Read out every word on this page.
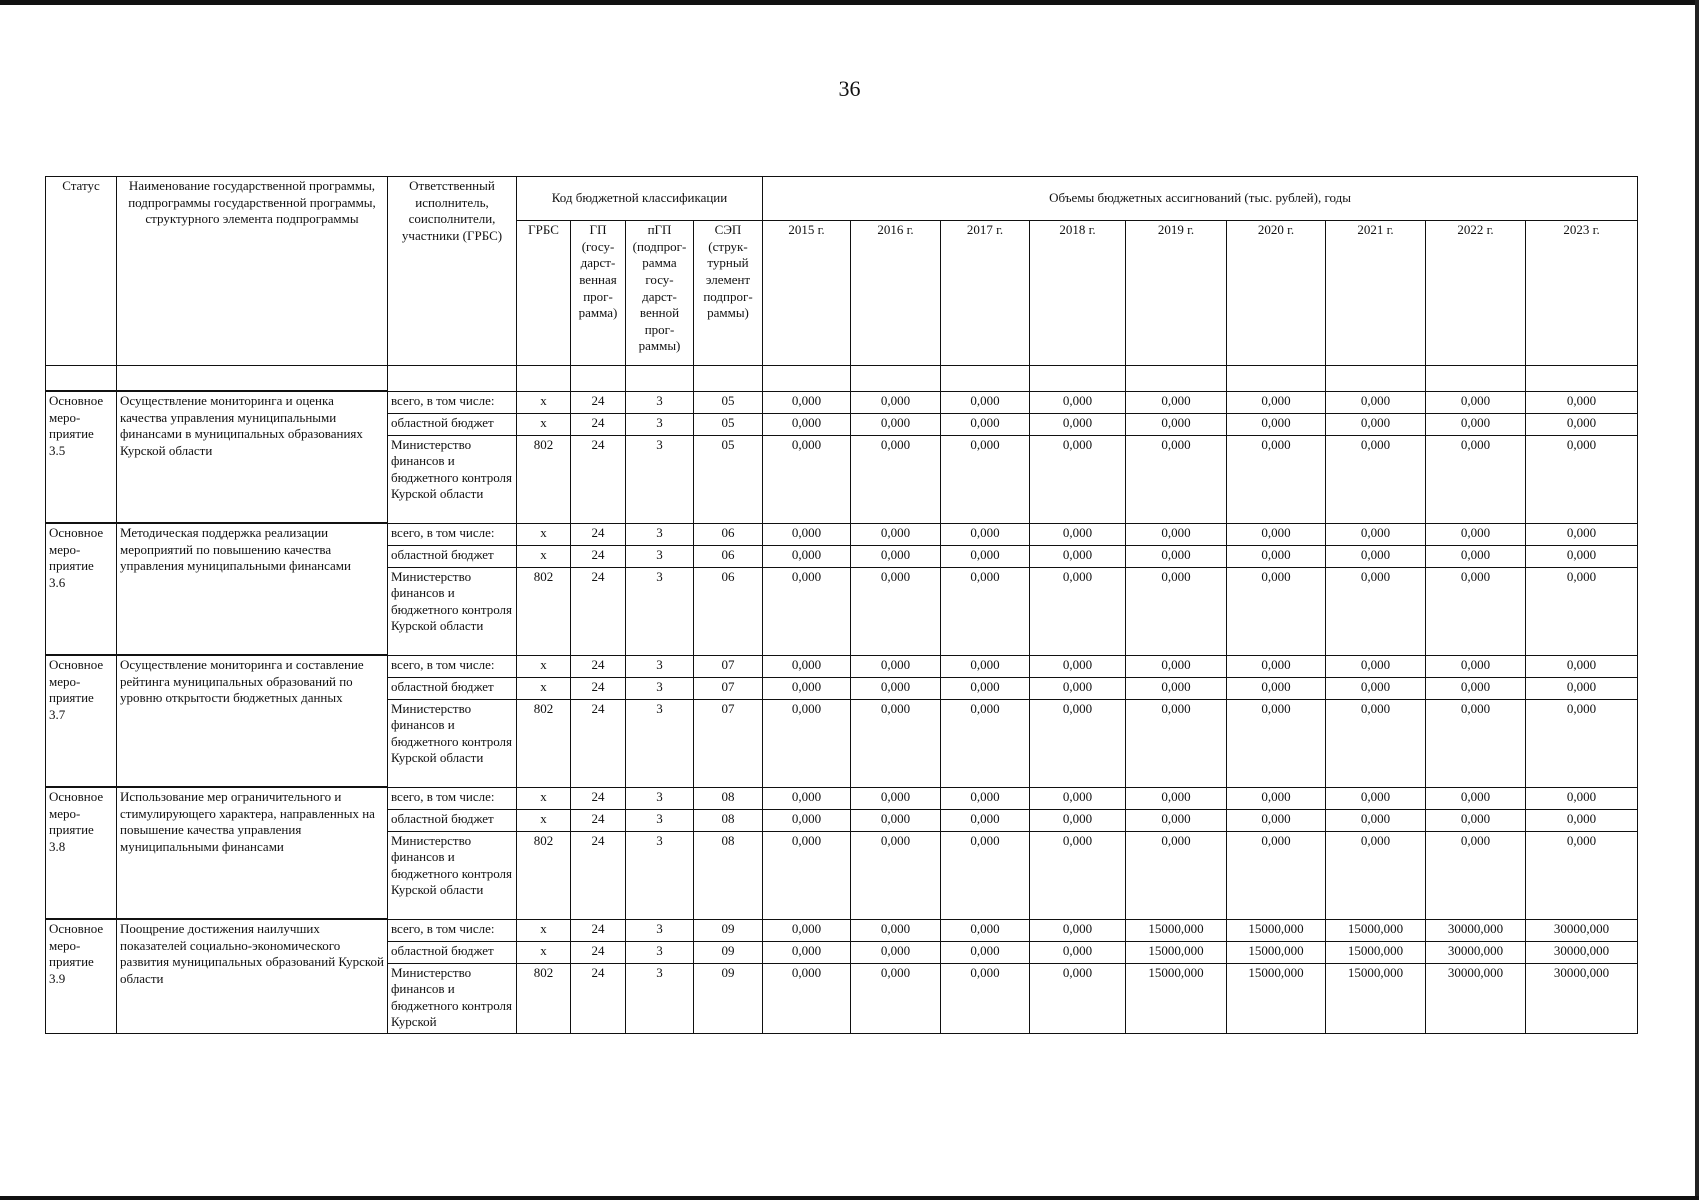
36
Статус	Наименование государственной программы, подпрограммы государственной программы, структурного элемента подпрограммы	Ответственный исполнитель, соисполнители, участники (ГРБС)	Код бюджетной классификации				Объемы бюджетных ассигнований (тыс. рублей), годы								
			ГРБС	ГП (госу-дарст-венная прог-рамма)	пГП (подпрог-рамма госу-дарст-венной прог-раммы)	СЭП (струк-турный элемент подпрог-раммы)	2015 г.	2016 г.	2017 г.	2018 г.	2019 г.	2020 г.	2021 г.	2022 г.	2023 г.

Основное меро-приятие 3.5	Осуществление мониторинга и оценка качества управления муниципальными финансами в муниципальных образованиях Курской области	всего, в том числе:	х	24	3	05	0,000	0,000	0,000	0,000	0,000	0,000	0,000	0,000	0,000
		областной бюджет	х	24	3	05	0,000	0,000	0,000	0,000	0,000	0,000	0,000	0,000	0,000
		Министерство финансов и бюджетного контроля Курской области	802	24	3	05	0,000	0,000	0,000	0,000	0,000	0,000	0,000	0,000	0,000
Основное меро-приятие 3.6	Методическая поддержка реализации мероприятий по повышению качества управления муниципальными финансами	всего, в том числе:	х	24	3	06	0,000	0,000	0,000	0,000	0,000	0,000	0,000	0,000	0,000
		областной бюджет	х	24	3	06	0,000	0,000	0,000	0,000	0,000	0,000	0,000	0,000	0,000
		Министерство финансов и бюджетного контроля Курской области	802	24	3	06	0,000	0,000	0,000	0,000	0,000	0,000	0,000	0,000	0,000
Основное меро-приятие 3.7	Осуществление мониторинга и составление рейтинга муниципальных образований по уровню открытости бюджетных данных	всего, в том числе:	х	24	3	07	0,000	0,000	0,000	0,000	0,000	0,000	0,000	0,000	0,000
		областной бюджет	х	24	3	07	0,000	0,000	0,000	0,000	0,000	0,000	0,000	0,000	0,000
		Министерство финансов и бюджетного контроля Курской области	802	24	3	07	0,000	0,000	0,000	0,000	0,000	0,000	0,000	0,000	0,000
Основное меро-приятие 3.8	Использование мер ограничительного и стимулирующего характера, направленных на повышение качества управления муниципальными финансами	всего, в том числе:	х	24	3	08	0,000	0,000	0,000	0,000	0,000	0,000	0,000	0,000	0,000
		областной бюджет	х	24	3	08	0,000	0,000	0,000	0,000	0,000	0,000	0,000	0,000	0,000
		Министерство финансов и бюджетного контроля Курской области	802	24	3	08	0,000	0,000	0,000	0,000	0,000	0,000	0,000	0,000	0,000
Основное меро-приятие 3.9	Поощрение достижения наилучших показателей социально-экономического развития муниципальных образований Курской области	всего, в том числе:	х	24	3	09	0,000	0,000	0,000	0,000	15000,000	15000,000	15000,000	30000,000	30000,000
		областной бюджет	х	24	3	09	0,000	0,000	0,000	0,000	15000,000	15000,000	15000,000	30000,000	30000,000
		Министерство финансов и бюджетного контроля Курской	802	24	3	09	0,000	0,000	0,000	0,000	15000,000	15000,000	15000,000	30000,000	30000,000
